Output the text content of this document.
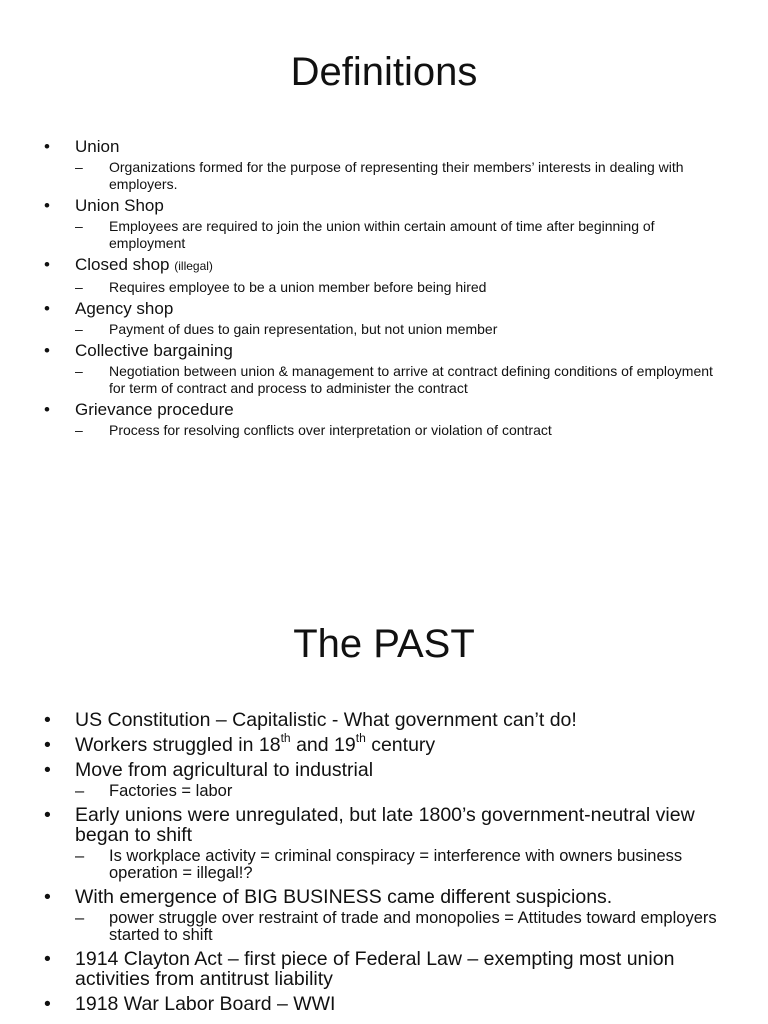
Definitions
• Union
– Organizations formed for the purpose of representing their members’ interests in dealing with employers.
• Union Shop
– Employees are required to join the union within certain amount of time after beginning of employment
• Closed shop (illegal)
– Requires employee to be a union member before being hired
• Agency shop
– Payment of dues to gain representation, but not union member
• Collective bargaining
– Negotiation between union & management to arrive at contract defining conditions of employment for term of contract and process to administer the contract
• Grievance procedure
– Process for resolving conflicts over interpretation or violation of contract
The PAST
• US Constitution – Capitalistic - What government can’t do!
• Workers struggled in 18th and 19th century
• Move from agricultural to industrial
– Factories = labor
• Early unions were unregulated, but late 1800’s government-neutral view began to shift
– Is workplace activity = criminal conspiracy = interference with owners business operation = illegal!?
• With emergence of BIG BUSINESS came different suspicions.
– power struggle over restraint of trade and monopolies = Attitudes toward employers started to shift
• 1914 Clayton Act – first piece of Federal Law – exempting most union activities from antitrust liability
• 1918 War Labor Board – WWI
